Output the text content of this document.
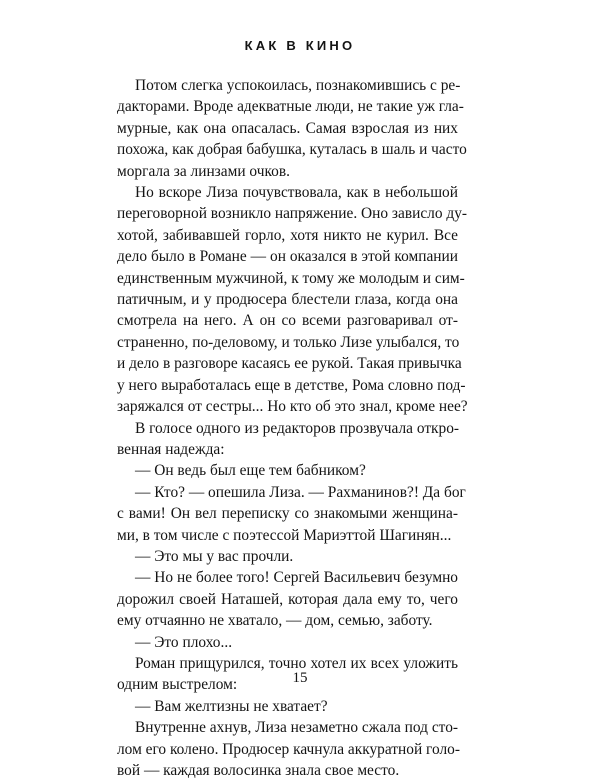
КАК В КИНО
Потом слегка успокоилась, познакомившись с ре-
дакторами. Вроде адекватные люди, не такие уж гла-
мурные, как она опасалась. Самая взрослая из них
похожа, как добрая бабушка, куталась в шаль и часто
моргала за линзами очков.
Но вскоре Лиза почувствовала, как в небольшой
переговорной возникло напряжение. Оно зависло ду-
хотой, забивавшей горло, хотя никто не курил. Все
дело было в Романе — он оказался в этой компании
единственным мужчиной, к тому же молодым и сим-
патичным, и у продюсера блестели глаза, когда она
смотрела на него. А он со всеми разговаривал от-
страненно, по-деловому, и только Лизе улыбался, то
и дело в разговоре касаясь ее рукой. Такая привычка
у него выработалась еще в детстве, Рома словно под-
заряжался от сестры... Но кто об это знал, кроме нее?
В голосе одного из редакторов прозвучала откро-
венная надежда:
— Он ведь был еще тем бабником?
— Кто? — опешила Лиза. — Рахманинов?! Да бог
с вами! Он вел переписку со знакомыми женщина-
ми, в том числе с поэтессой Мариэттой Шагинян...
— Это мы у вас прочли.
— Но не более того! Сергей Васильевич безумно
дорожил своей Наташей, которая дала ему то, чего
ему отчаянно не хватало, — дом, семью, заботу.
— Это плохо...
Роман прищурился, точно хотел их всех уложить
одним выстрелом:
— Вам желтизны не хватает?
Внутренне ахнув, Лиза незаметно сжала под сто-
лом его колено. Продюсер качнула аккуратной голо-
вой — каждая волосинка знала свое место.
15
